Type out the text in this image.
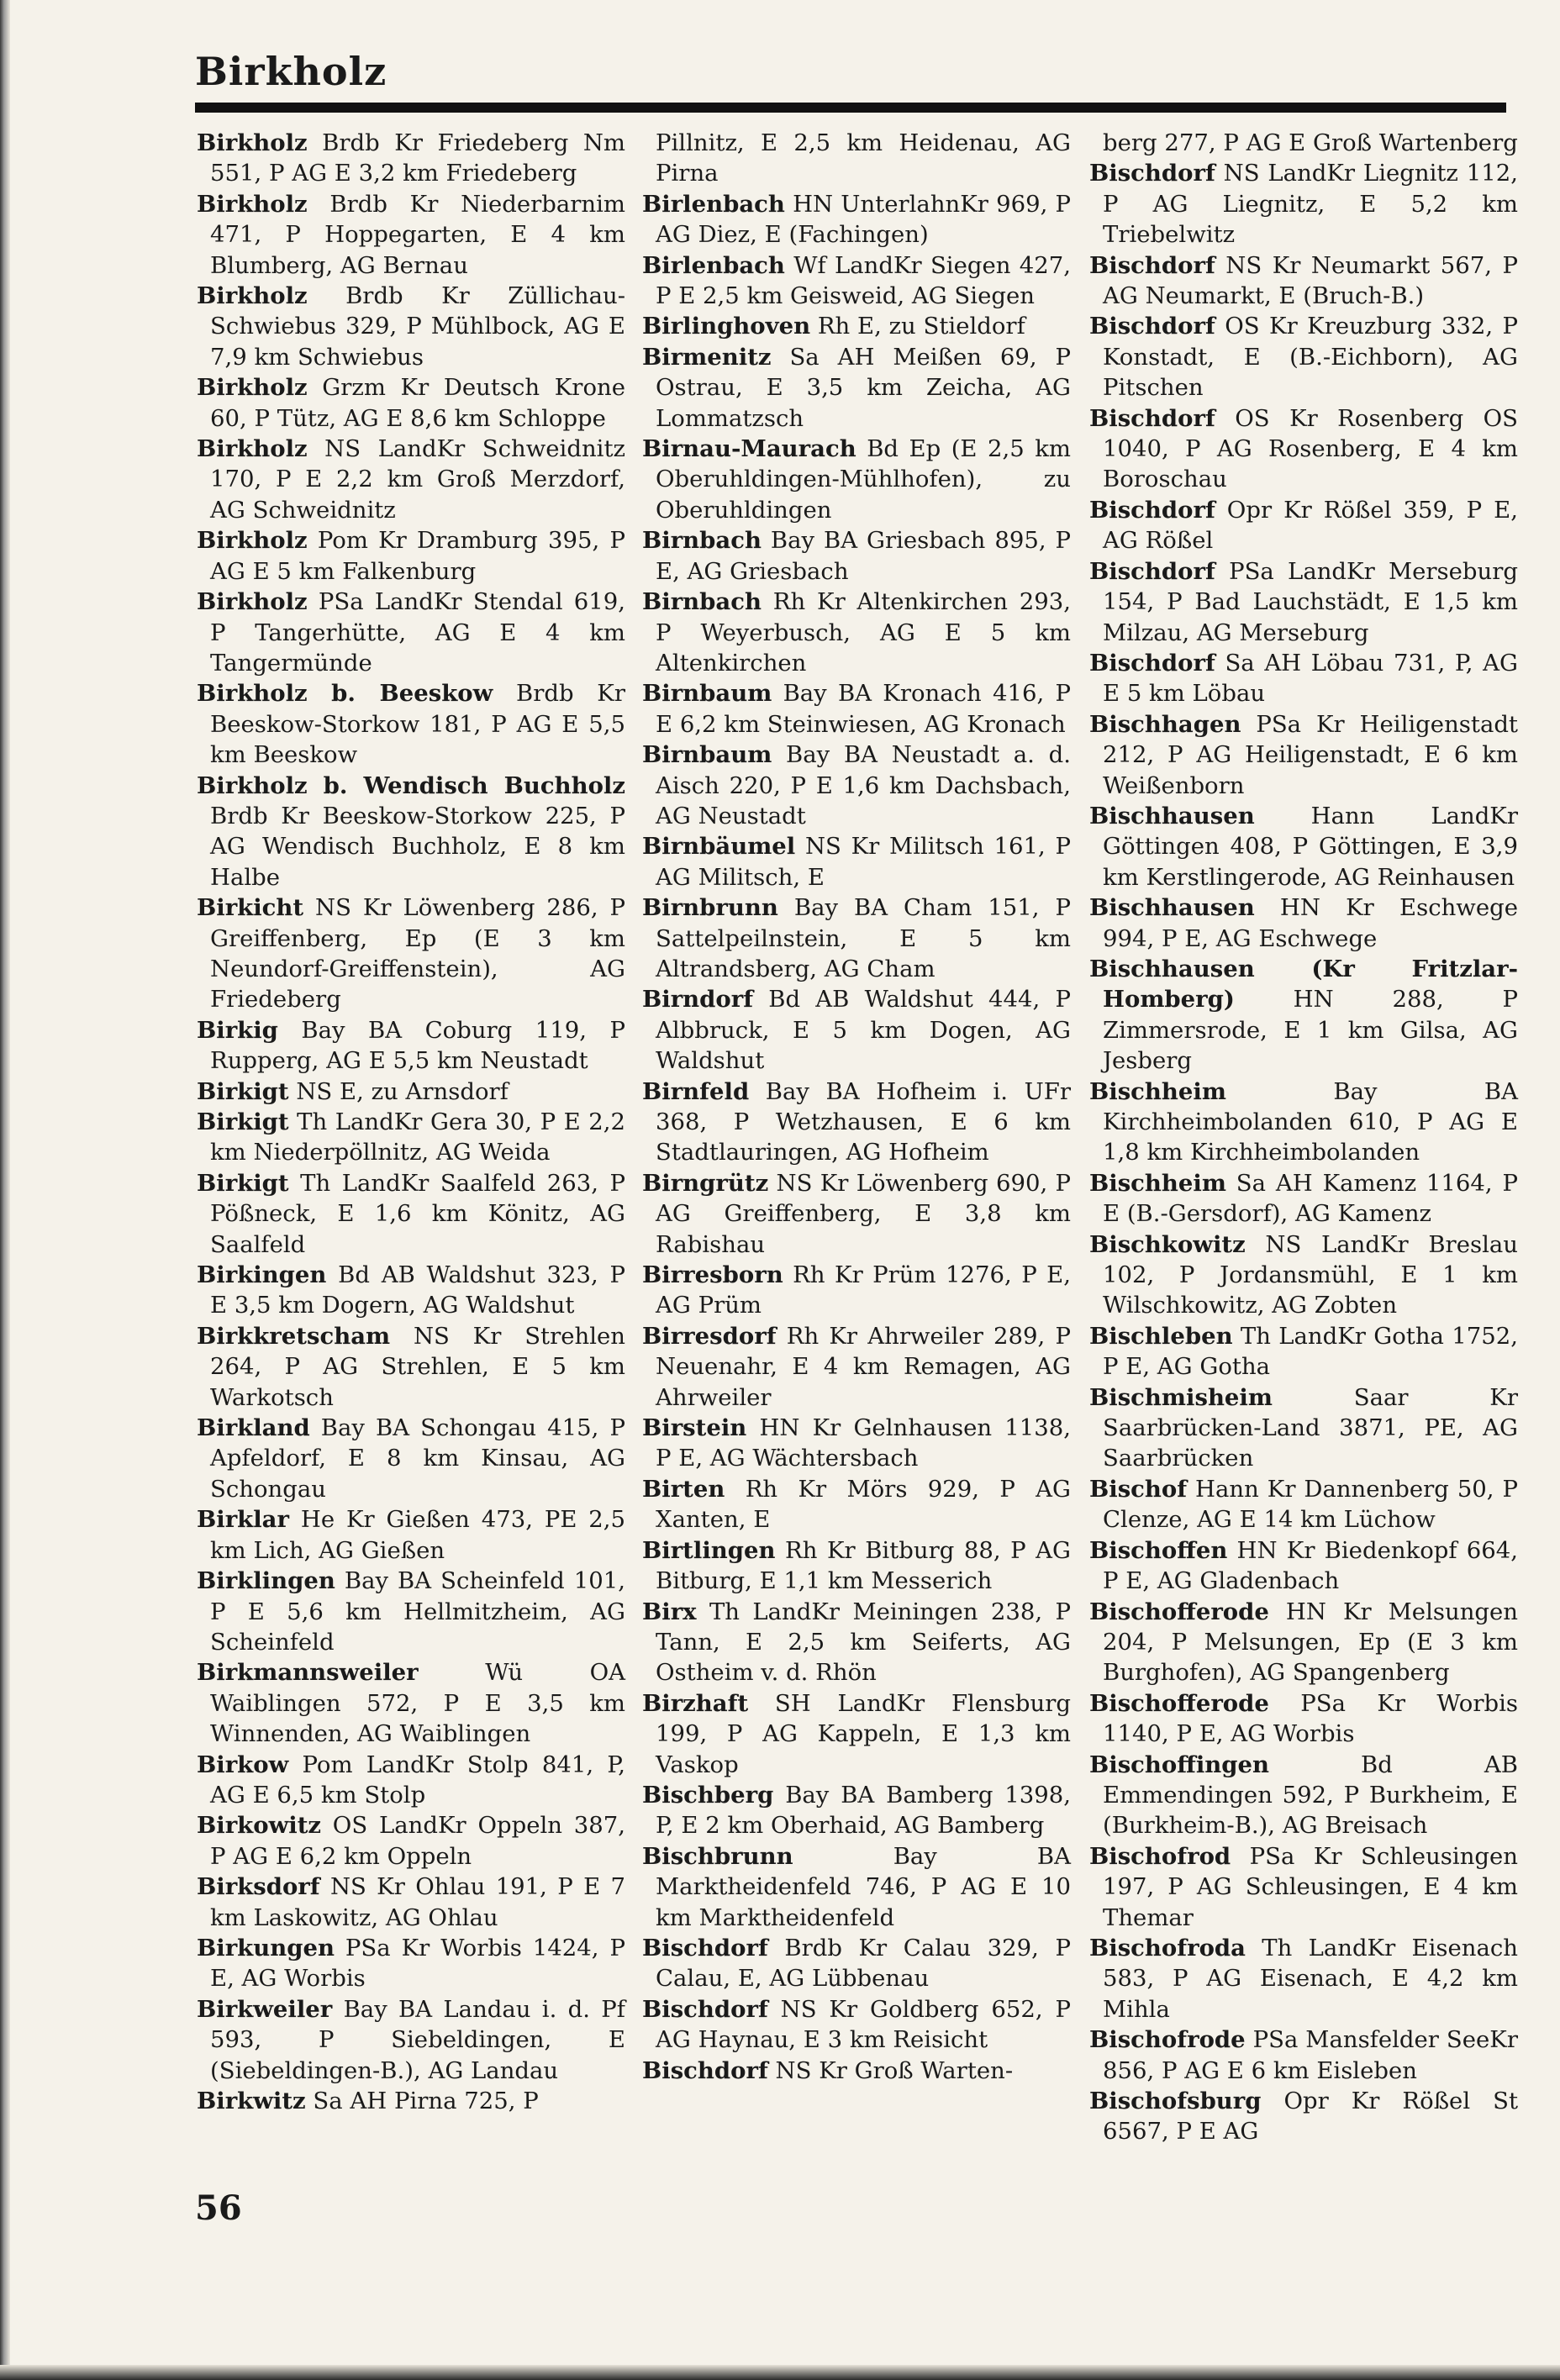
Birkholz

Birkholz Brdb Kr Friedeberg Nm 551, P AG E 3,2 km Friedeberg

Birkholz Brdb Kr Niederbarnim 471, P Hoppegarten, E 4 km Blumberg, AG Bernau

Birkholz Brdb Kr Züllichau-Schwiebus 329, P Mühlbock, AG E 7,9 km Schwiebus

Birkholz Grzm Kr Deutsch Krone 60, P Tütz, AG E 8,6 km Schloppe

Birkholz NS LandKr Schweidnitz 170, P E 2,2 km Groß Merzdorf, AG Schweidnitz

Birkholz Pom Kr Dramburg 395, P AG E 5 km Falkenburg

Birkholz PSa LandKr Stendal 619, P Tangerhütte, AG E 4 km Tangermünde

Birkholz b. Beeskow Brdb Kr Beeskow-Storkow 181, P AG E 5,5 km Beeskow

Birkholz b. Wendisch Buchholz Brdb Kr Beeskow-Storkow 225, P AG Wendisch Buchholz, E 8 km Halbe

Birkicht NS Kr Löwenberg 286, P Greiffenberg, Ep (E 3 km Neundorf-Greiffenstein), AG Friedeberg

Birkig Bay BA Coburg 119, P Rupperg, AG E 5,5 km Neustadt

Birkigt NS E, zu Arnsdorf

Birkigt Th LandKr Gera 30, P E 2,2 km Niederpöllnitz, AG Weida

Birkigt Th LandKr Saalfeld 263, P Pößneck, E 1,6 km Könitz, AG Saalfeld

Birkingen Bd AB Waldshut 323, P E 3,5 km Dogern, AG Waldshut

Birkkretscham NS Kr Strehlen 264, P AG Strehlen, E 5 km Warkotsch

Birkland Bay BA Schongau 415, P Apfeldorf, E 8 km Kinsau, AG Schongau

Birklar He Kr Gießen 473, PE 2,5 km Lich, AG Gießen

Birklingen Bay BA Scheinfeld 101, P E 5,6 km Hellmitzheim, AG Scheinfeld

Birkmannsweiler Wü OA Waiblingen 572, P E 3,5 km Winnenden, AG Waiblingen

Birkow Pom LandKr Stolp 841, P, AG E 6,5 km Stolp

Birkowitz OS LandKr Oppeln 387, P AG E 6,2 km Oppeln

Birksdorf NS Kr Ohlau 191, P E 7 km Laskowitz, AG Ohlau

Birkungen PSa Kr Worbis 1424, P E, AG Worbis

Birkweiler Bay BA Landau i. d. Pf 593, P Siebeldingen, E (Siebeldingen-B.), AG Landau

Birkwitz Sa AH Pirna 725, P

Pillnitz, E 2,5 km Heidenau, AG Pirna

Birlenbach HN UnterlahnKr 969, P AG Diez, E (Fachingen)

Birlenbach Wf LandKr Siegen 427, P E 2,5 km Geisweid, AG Siegen

Birlinghoven Rh E, zu Stieldorf

Birmenitz Sa AH Meißen 69, P Ostrau, E 3,5 km Zeicha, AG Lommatzsch

Birnau-Maurach Bd Ep (E 2,5 km Oberuhldingen-Mühlhofen), zu Oberuhldingen

Birnbach Bay BA Griesbach 895, P E, AG Griesbach

Birnbach Rh Kr Altenkirchen 293, P Weyerbusch, AG E 5 km Altenkirchen

Birnbaum Bay BA Kronach 416, P E 6,2 km Steinwiesen, AG Kronach

Birnbaum Bay BA Neustadt a. d. Aisch 220, P E 1,6 km Dachsbach, AG Neustadt

Birnbäumel NS Kr Militsch 161, P AG Militsch, E

Birnbrunn Bay BA Cham 151, P Sattelpeilnstein, E 5 km Altrandsberg, AG Cham

Birndorf Bd AB Waldshut 444, P Albbruck, E 5 km Dogen, AG Waldshut

Birnfeld Bay BA Hofheim i. UFr 368, P Wetzhausen, E 6 km Stadtlauringen, AG Hofheim

Birngrütz NS Kr Löwenberg 690, P AG Greiffenberg, E 3,8 km Rabishau

Birresborn Rh Kr Prüm 1276, P E, AG Prüm

Birresdorf Rh Kr Ahrweiler 289, P Neuenahr, E 4 km Remagen, AG Ahrweiler

Birstein HN Kr Gelnhausen 1138, P E, AG Wächtersbach

Birten Rh Kr Mörs 929, P AG Xanten, E

Birtlingen Rh Kr Bitburg 88, P AG Bitburg, E 1,1 km Messerich

Birx Th LandKr Meiningen 238, P Tann, E 2,5 km Seiferts, AG Ostheim v. d. Rhön

Birzhaft SH LandKr Flensburg 199, P AG Kappeln, E 1,3 km Vaskop

Bischberg Bay BA Bamberg 1398, P, E 2 km Oberhaid, AG Bamberg

Bischbrunn Bay BA Marktheidenfeld 746, P AG E 10 km Marktheidenfeld

Bischdorf Brdb Kr Calau 329, P Calau, E, AG Lübbenau

Bischdorf NS Kr Goldberg 652, P AG Haynau, E 3 km Reisicht

Bischdorf NS Kr Groß Warten-

berg 277, P AG E Groß Wartenberg

Bischdorf NS LandKr Liegnitz 112, P AG Liegnitz, E 5,2 km Triebelwitz

Bischdorf NS Kr Neumarkt 567, P AG Neumarkt, E (Bruch-B.)

Bischdorf OS Kr Kreuzburg 332, P Konstadt, E (B.-Eichborn), AG Pitschen

Bischdorf OS Kr Rosenberg OS 1040, P AG Rosenberg, E 4 km Boroschau

Bischdorf Opr Kr Rößel 359, P E, AG Rößel

Bischdorf PSa LandKr Merseburg 154, P Bad Lauchstädt, E 1,5 km Milzau, AG Merseburg

Bischdorf Sa AH Löbau 731, P, AG E 5 km Löbau

Bischhagen PSa Kr Heiligenstadt 212, P AG Heiligenstadt, E 6 km Weißenborn

Bischhausen Hann LandKr Göttingen 408, P Göttingen, E 3,9 km Kerstlingerode, AG Reinhausen

Bischhausen HN Kr Eschwege 994, P E, AG Eschwege

Bischhausen (Kr Fritzlar-Homberg) HN 288, P Zimmersrode, E 1 km Gilsa, AG Jesberg

Bischheim Bay BA Kirchheimbolanden 610, P AG E 1,8 km Kirchheimbolanden

Bischheim Sa AH Kamenz 1164, P E (B.-Gersdorf), AG Kamenz

Bischkowitz NS LandKr Breslau 102, P Jordansmühl, E 1 km Wilschkowitz, AG Zobten

Bischleben Th LandKr Gotha 1752, P E, AG Gotha

Bischmisheim Saar Kr Saarbrücken-Land 3871, PE, AG Saarbrücken

Bischof Hann Kr Dannenberg 50, P Clenze, AG E 14 km Lüchow

Bischoffen HN Kr Biedenkopf 664, P E, AG Gladenbach

Bischofferode HN Kr Melsungen 204, P Melsungen, Ep (E 3 km Burghofen), AG Spangenberg

Bischofferode PSa Kr Worbis 1140, P E, AG Worbis

Bischoffingen Bd AB Emmendingen 592, P Burkheim, E (Burkheim-B.), AG Breisach

Bischofrod PSa Kr Schleusingen 197, P AG Schleusingen, E 4 km Themar

Bischofroda Th LandKr Eisenach 583, P AG Eisenach, E 4,2 km Mihla

Bischofrode PSa Mansfelder SeeKr 856, P AG E 6 km Eisleben

Bischofsburg Opr Kr Rößel St 6567, P E AG

56
